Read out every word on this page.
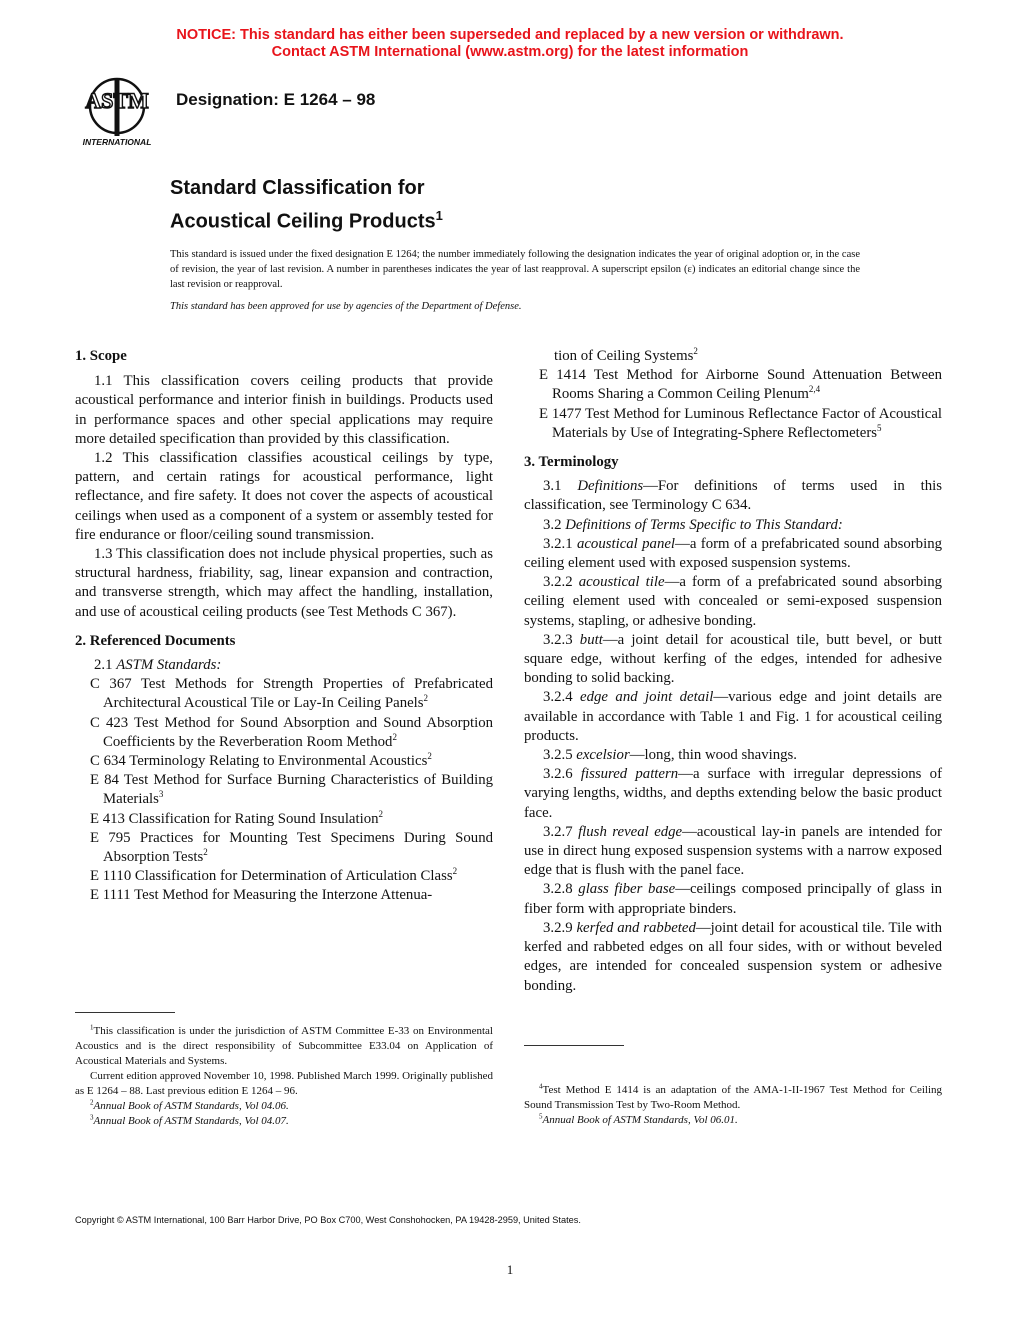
NOTICE: This standard has either been superseded and replaced by a new version or withdrawn.
Contact ASTM International (www.astm.org) for the latest information
ASTM
INTERNATIONAL
Designation: E 1264 – 98
Standard Classification for
Acoustical Ceiling Products$^1$
This standard is issued under the fixed designation E 1264; the number immediately following the designation indicates the year of original adoption or, in the case of revision, the year of last revision. A number in parentheses indicates the year of last reapproval. A superscript epsilon (ε) indicates an editorial change since the last revision or reapproval.
This standard has been approved for use by agencies of the Department of Defense.
1. Scope

1.1 This classification covers ceiling products that provide acoustical performance and interior finish in buildings. Products used in performance spaces and other special applications may require more detailed specification than provided by this classification.

1.2 This classification classifies acoustical ceilings by type, pattern, and certain ratings for acoustical performance, light reflectance, and fire safety. It does not cover the aspects of acoustical ceilings when used as a component of a system or assembly tested for fire endurance or floor/ceiling sound transmission.

1.3 This classification does not include physical properties, such as structural hardness, friability, sag, linear expansion and contraction, and transverse strength, which may affect the handling, installation, and use of acoustical ceiling products (see Test Methods C 367).

2. Referenced Documents

2.1 ASTM Standards:

C 367 Test Methods for Strength Properties of Prefabricated Architectural Acoustical Tile or Lay-In Ceiling Panels$^2$

C 423 Test Method for Sound Absorption and Sound Absorption Coefficients by the Reverberation Room Method$^2$

C 634 Terminology Relating to Environmental Acoustics$^2$

E 84 Test Method for Surface Burning Characteristics of Building Materials$^3$

E 413 Classification for Rating Sound Insulation$^2$

E 795 Practices for Mounting Test Specimens During Sound Absorption Tests$^2$

E 1110 Classification for Determination of Articulation Class$^2$

E 1111 Test Method for Measuring the Interzone Attenua-

tion of Ceiling Systems$^2$

E 1414 Test Method for Airborne Sound Attenuation Between Rooms Sharing a Common Ceiling Plenum$^{2,4}$

E 1477 Test Method for Luminous Reflectance Factor of Acoustical Materials by Use of Integrating-Sphere Reflectometers$^5$

3. Terminology

3.1 Definitions—For definitions of terms used in this classification, see Terminology C 634.

3.2 Definitions of Terms Specific to This Standard:

3.2.1 acoustical panel—a form of a prefabricated sound absorbing ceiling element used with exposed suspension systems.

3.2.2 acoustical tile—a form of a prefabricated sound absorbing ceiling element used with concealed or semi-exposed suspension systems, stapling, or adhesive bonding.

3.2.3 butt—a joint detail for acoustical tile, butt bevel, or butt square edge, without kerfing of the edges, intended for adhesive bonding to solid backing.

3.2.4 edge and joint detail—various edge and joint details are available in accordance with Table 1 and Fig. 1 for acoustical ceiling products.

3.2.5 excelsior—long, thin wood shavings.

3.2.6 fissured pattern—a surface with irregular depressions of varying lengths, widths, and depths extending below the basic product face.

3.2.7 flush reveal edge—acoustical lay-in panels are intended for use in direct hung exposed suspension systems with a narrow exposed edge that is flush with the panel face.

3.2.8 glass fiber base—ceilings composed principally of glass in fiber form with appropriate binders.

3.2.9 kerfed and rabbeted—joint detail for acoustical tile. Tile with kerfed and rabbeted edges on all four sides, with or without beveled edges, are intended for concealed suspension system or adhesive bonding.

$^1$This classification is under the jurisdiction of ASTM Committee E-33 on Environmental Acoustics and is the direct responsibility of Subcommittee E33.04 on Application of Acoustical Materials and Systems.

Current edition approved November 10, 1998. Published March 1999. Originally published as E 1264 – 88. Last previous edition E 1264 – 96.

$^2$Annual Book of ASTM Standards, Vol 04.06.

$^3$Annual Book of ASTM Standards, Vol 04.07.

$^4$Test Method E 1414 is an adaptation of the AMA-1-II-1967 Test Method for Ceiling Sound Transmission Test by Two-Room Method.

$^5$Annual Book of ASTM Standards, Vol 06.01.

Copyright © ASTM International, 100 Barr Harbor Drive, PO Box C700, West Conshohocken, PA 19428-2959, United States.
1
